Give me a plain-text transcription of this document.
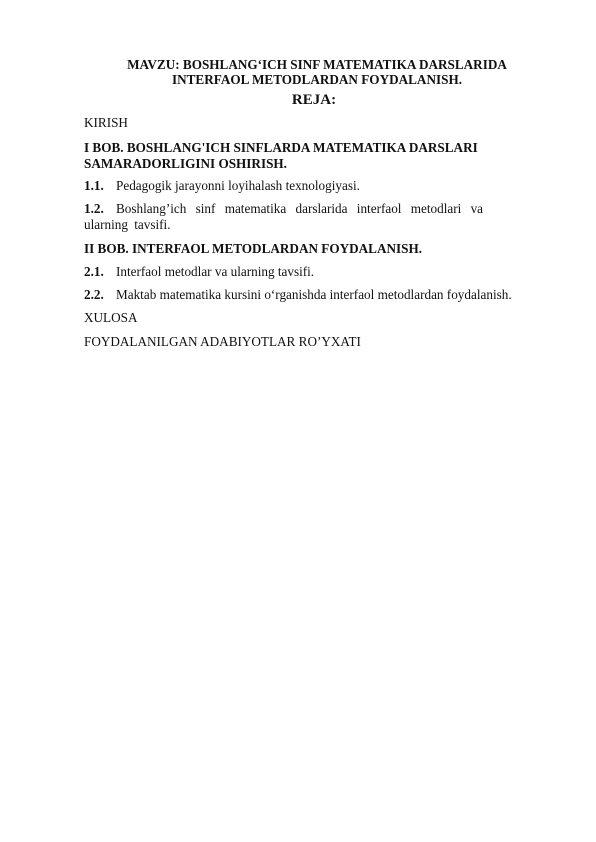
MAVZU: BOSHLANG‘ICH SINF MATEMATIKA DARSLARIDA
INTERFAOL METODLARDAN FOYDALANISH.

REJA:

KIRISH

I BOB. BOSHLANG'ICH SINFLARDA MATEMATIKA DARSLARI
SAMARADORLIGINI OSHIRISH.

1.1. Pedagogik jarayonni loyihalash texnologiyasi.
1.2. Boshlang’ich sinf matematika darslarida interfaol metodlari va

ularning tavsifi.

II BOB. INTERFAOL METODLARDAN FOYDALANISH.

2.1. Interfaol metodlar va ularning tavsifi.
2.2. Maktab matematika kursini o‘rganishda interfaol metodlardan foydalanish.

XULOSA

FOYDALANILGAN ADABIYOTLAR RO’YXATI
